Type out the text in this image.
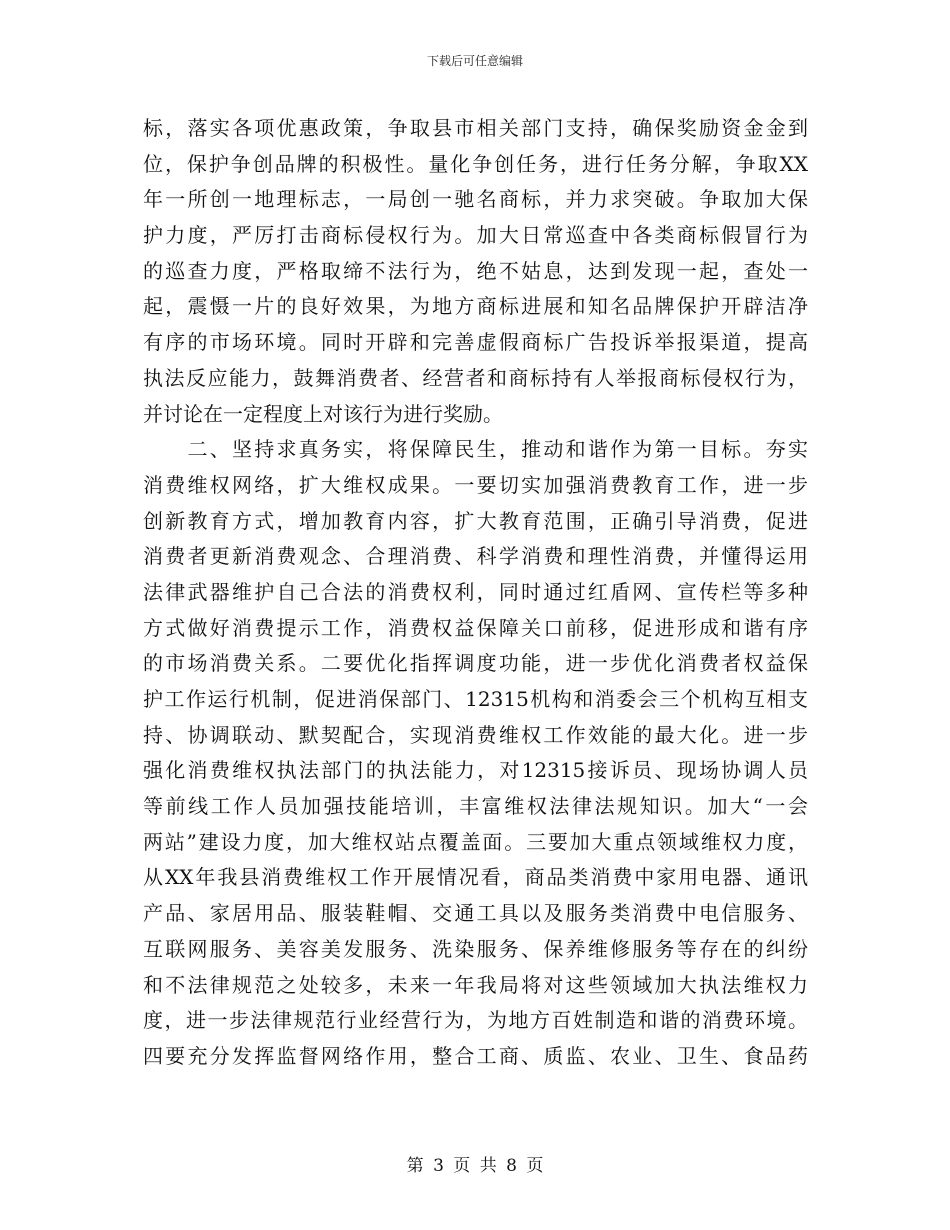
下载后可任意编辑
标，落实各项优惠政策，争取县市相关部门支持，确保奖励资金金到
位，保护争创品牌的积极性。量化争创任务，进行任务分解，争取XX
年一所创一地理标志，一局创一驰名商标，并力求突破。争取加大保
护力度，严厉打击商标侵权行为。加大日常巡查中各类商标假冒行为
的巡查力度，严格取缔不法行为，绝不姑息，达到发现一起，查处一
起，震慑一片的良好效果，为地方商标进展和知名品牌保护开辟洁净
有序的市场环境。同时开辟和完善虚假商标广告投诉举报渠道，提高
执法反应能力，鼓舞消费者、经营者和商标持有人举报商标侵权行为，
并讨论在一定程度上对该行为进行奖励。
　　二、坚持求真务实，将保障民生，推动和谐作为第一目标。夯实
消费维权网络，扩大维权成果。一要切实加强消费教育工作，进一步
创新教育方式，增加教育内容，扩大教育范围，正确引导消费，促进
消费者更新消费观念、合理消费、科学消费和理性消费，并懂得运用
法律武器维护自己合法的消费权利，同时通过红盾网、宣传栏等多种
方式做好消费提示工作，消费权益保障关口前移，促进形成和谐有序
的市场消费关系。二要优化指挥调度功能，进一步优化消费者权益保
护工作运行机制，促进消保部门、12315机构和消委会三个机构互相支
持、协调联动、默契配合，实现消费维权工作效能的最大化。进一步
强化消费维权执法部门的执法能力，对12315接诉员、现场协调人员
等前线工作人员加强技能培训，丰富维权法律法规知识。加大“一会
两站”建设力度，加大维权站点覆盖面。三要加大重点领域维权力度，
从XX年我县消费维权工作开展情况看，商品类消费中家用电器、通讯
产品、家居用品、服装鞋帽、交通工具以及服务类消费中电信服务、
互联网服务、美容美发服务、洗染服务、保养维修服务等存在的纠纷
和不法律规范之处较多，未来一年我局将对这些领域加大执法维权力
度，进一步法律规范行业经营行为，为地方百姓制造和谐的消费环境。
四要充分发挥监督网络作用，整合工商、质监、农业、卫生、食品药
第 3 页 共 8 页
